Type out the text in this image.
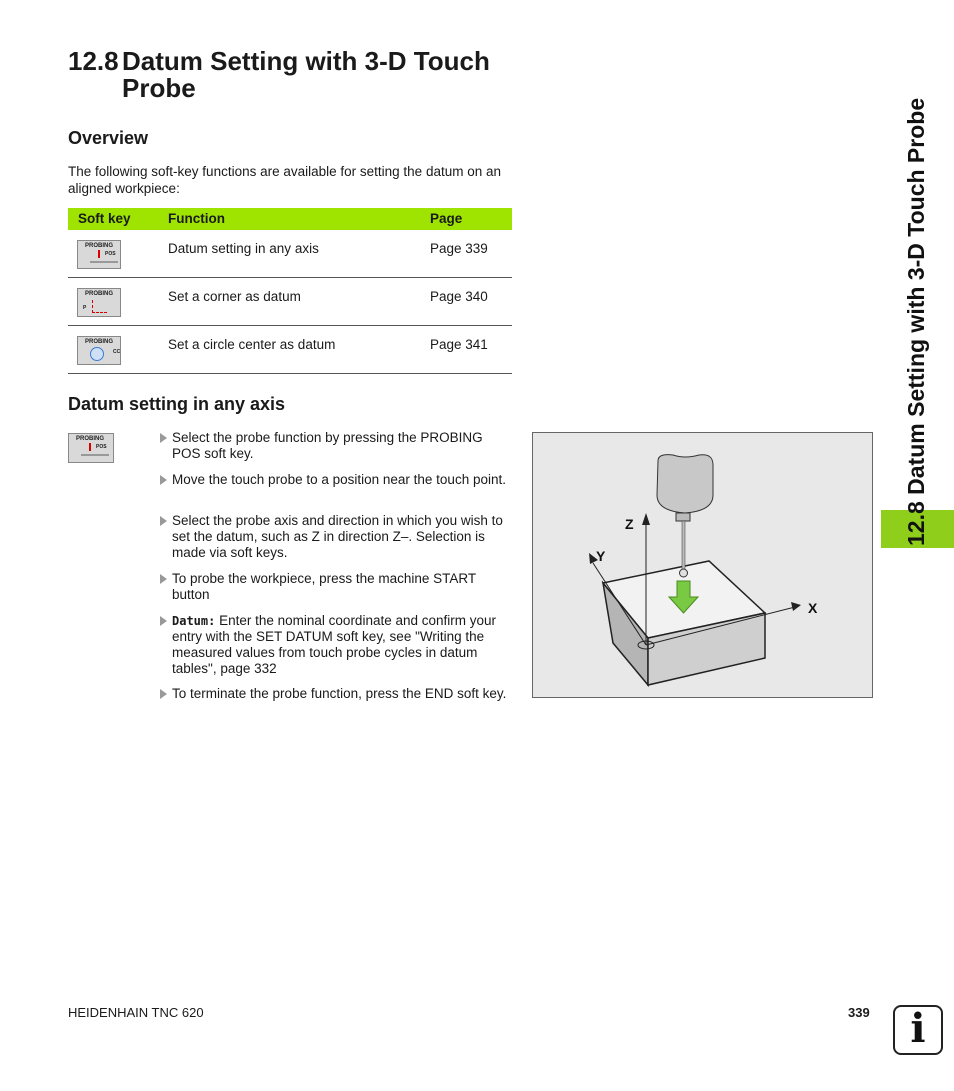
12.8 Datum Setting with 3-D Touch Probe
Overview
The following soft-key functions are available for setting the datum on an aligned workpiece:
Soft key	Function	Page
PROBING
POS	Datum setting in any axis	Page 339
PROBING
P
Set a corner as datum	Page 340
PROBING
CC	Set a circle center as datum	Page 341
Datum setting in any axis
PROBING
POS
Select the probe function by pressing the PROBING POS soft key.
Move the touch probe to a position near the touch point.
Select the probe axis and direction in which you wish to set the datum, such as Z in direction Z–. Selection is made via soft keys.
To probe the workpiece, press the machine START button
Datum: Enter the nominal coordinate and confirm your entry with the SET DATUM soft key, see "Writing the measured values from touch probe cycles in datum tables", page 332
To terminate the probe function, press the END soft key.
Z
Y
X
12.8 Datum Setting with 3-D Touch Probe
HEIDENHAIN TNC 620	339	i
